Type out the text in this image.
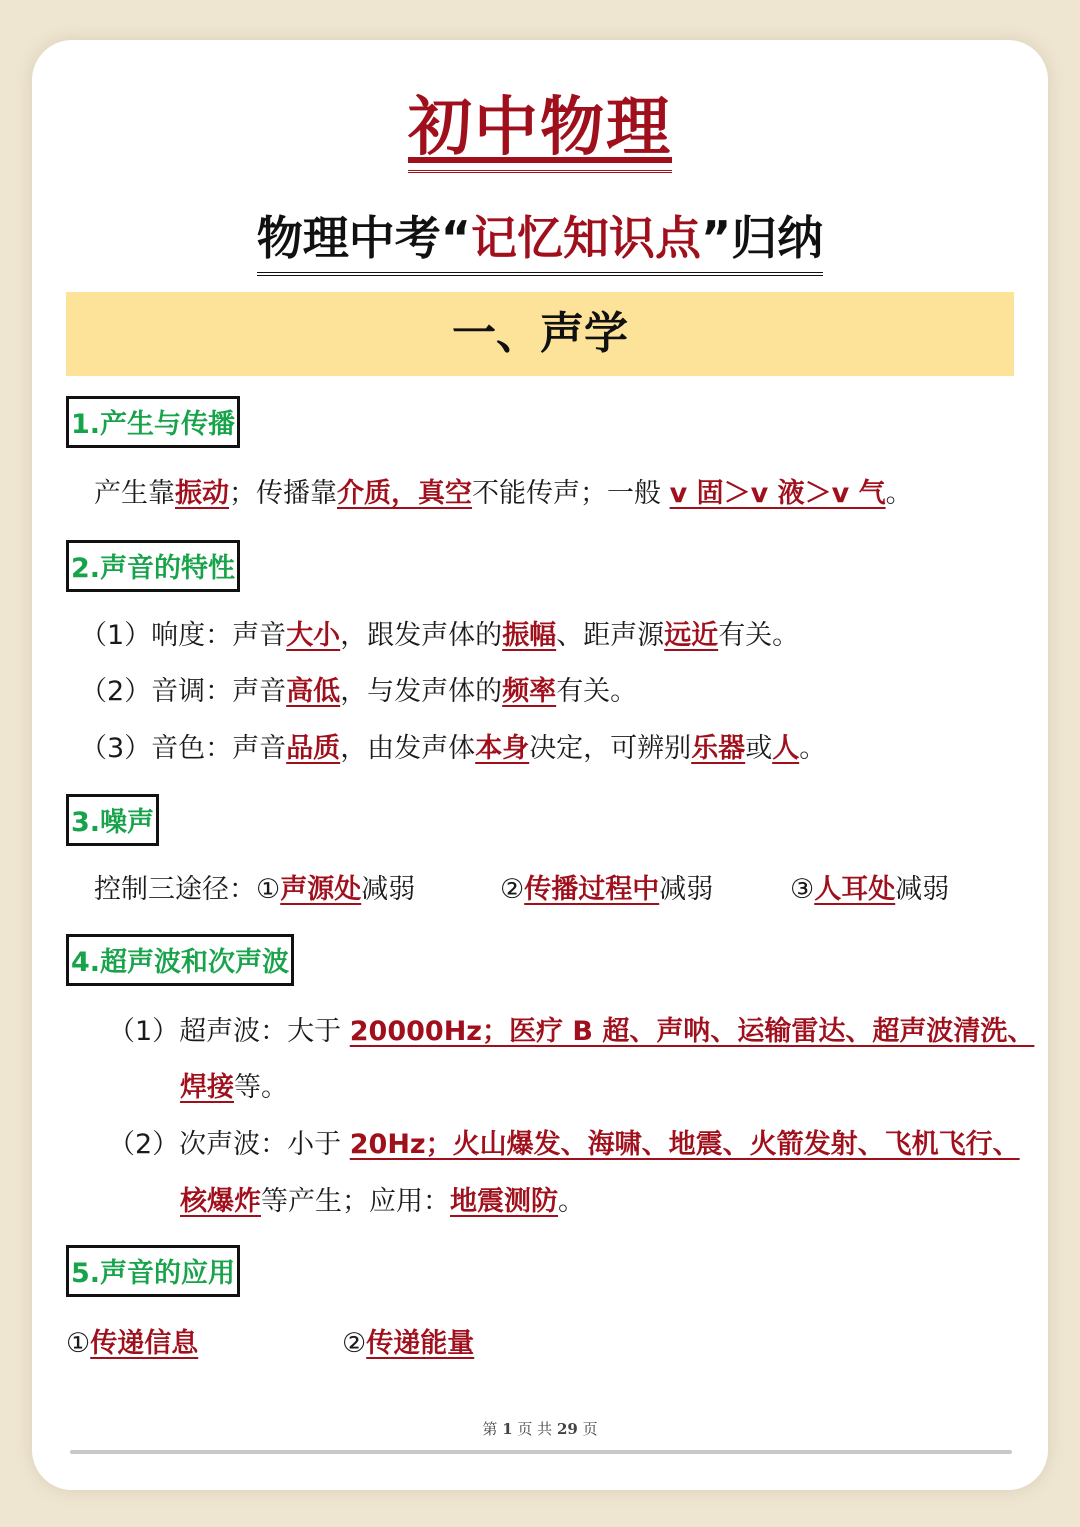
初中物理
物理中考“记忆知识点”归纳
一、声学
1.产生与传播
产生靠振动；传播靠介质，真空不能传声；一般 v 固＞v 液＞v 气。
2.声音的特性
（1）响度：声音大小，跟发声体的振幅、距声源远近有关。
（2）音调：声音高低，与发声体的频率有关。
（3）音色：声音品质，由发声体本身决定，可辨别乐器或人。
3.噪声
控制三途径：①声源处减弱	②传播过程中减弱	③人耳处减弱
4.超声波和次声波
（1）超声波：大于 20000Hz；医疗 B 超、声呐、运输雷达、超声波清洗、
焊接等。
（2）次声波：小于 20Hz；火山爆发、海啸、地震、火箭发射、飞机飞行、
核爆炸等产生；应用：地震测防。
5.声音的应用
①传递信息	②传递能量
第 1 页 共 29 页
